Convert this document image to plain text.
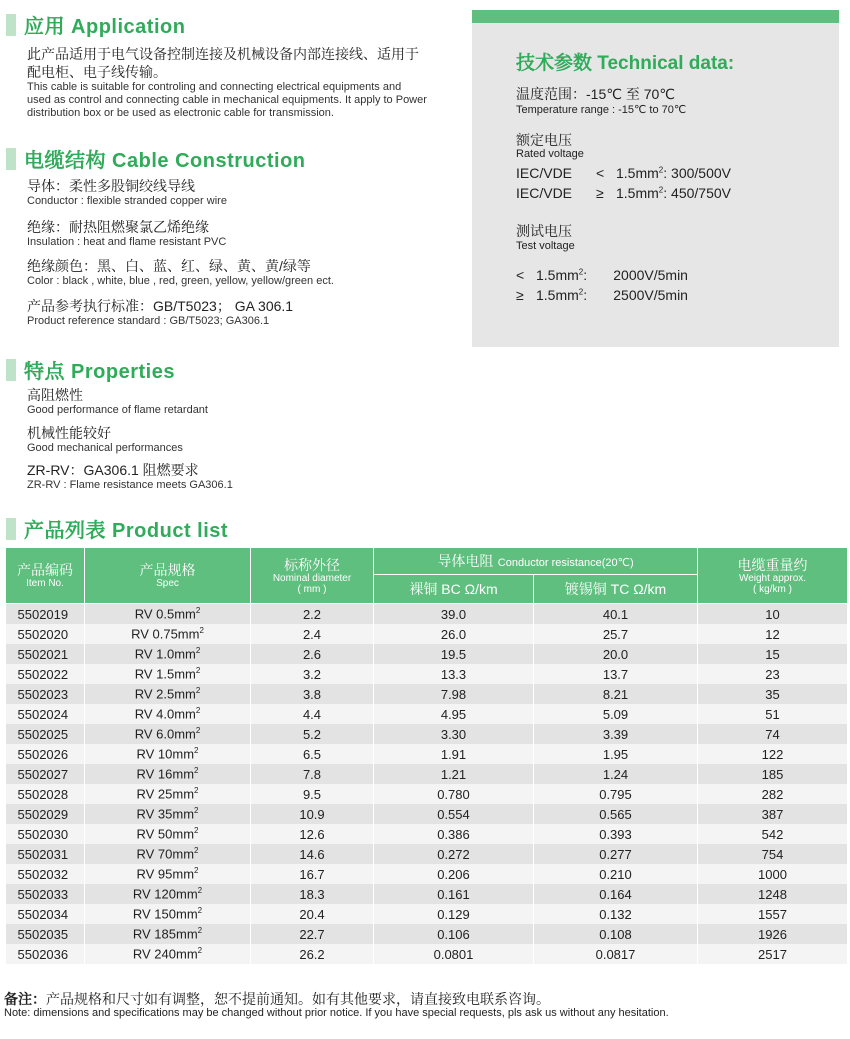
应用 Application
此产品适用于电气设备控制连接及机械设备内部连接线、适用于
配电柜、电子线传输。
This cable is suitable for controling and connecting electrical equipments and
used as control and connecting cable in mechanical equipments. It apply to Power
distribution box or be used as electronic cable for transmission.
电缆结构 Cable Construction
导体：柔性多股铜绞线导线
Conductor : flexible stranded copper wire
绝缘：耐热阻燃聚氯乙烯绝缘
Insulation : heat and flame resistant PVC
绝缘颜色：黑、白、蓝、红、绿、黄、黄/绿等
Color : black , white, blue , red, green, yellow, yellow/green ect.
产品参考执行标准：GB/T5023； GA 306.1
Product reference standard : GB/T5023; GA306.1
特点 Properties
高阻燃性
Good performance of flame retardant
机械性能较好
Good mechanical performances
ZR-RV：GA306.1 阻燃要求
ZR-RV : Flame resistance meets GA306.1
技术参数 Technical data:
温度范围：-15℃ 至 70℃
Temperature range : -15℃ to 70℃
额定电压
Rated voltage
$IEC/VDE < 1.5mm^2$: 300/500V
$IEC/VDE \ge 1.5mm^2$: 450/750V
测试电压
Test voltage
< $1.5mm^2$: 2000V/5min
≥ $1.5mm^2$: 2500V/5min
产品列表 Product list
产品编码
Item No.	产品规格
Spec	标称外径
Nominal diameter
( mm )	导体电阻 Conductor resistance(20℃)		电缆重量约
Weight approx.
( kg/km )

			裸铜 BC Ω/km	镀锡铜 TC Ω/km	
5502019	RV $0.5mm^2$	2.2	39.0	40.1	10
5502020	RV $0.75mm^2$	2.4	26.0	25.7	12
5502021	RV $1.0mm^2$	2.6	19.5	20.0	15
5502022	RV $1.5mm^2$	3.2	13.3	13.7	23
5502023	RV $2.5mm^2$	3.8	7.98	8.21	35
5502024	RV $4.0mm^2$	4.4	4.95	5.09	51
5502025	RV $6.0mm^2$	5.2	3.30	3.39	74
5502026	RV $10mm^2$	6.5	1.91	1.95	122
5502027	RV $16mm^2$	7.8	1.21	1.24	185
5502028	RV $25mm^2$	9.5	0.780	0.795	282
5502029	RV $35mm^2$	10.9	0.554	0.565	387
5502030	RV $50mm^2$	12.6	0.386	0.393	542
5502031	RV $70mm^2$	14.6	0.272	0.277	754
5502032	RV $95mm^2$	16.7	0.206	0.210	1000
5502033	RV $120mm^2$	18.3	0.161	0.164	1248
5502034	RV $150mm^2$	20.4	0.129	0.132	1557
5502035	RV $185mm^2$	22.7	0.106	0.108	1926
5502036	RV $240mm^2$	26.2	0.0801	0.0817	2517
备注：产品规格和尺寸如有调整，恕不提前通知。如有其他要求，请直接致电联系咨询。
Note: dimensions and specifications may be changed without prior notice. If you have special requests, pls ask us without any hesitation.
